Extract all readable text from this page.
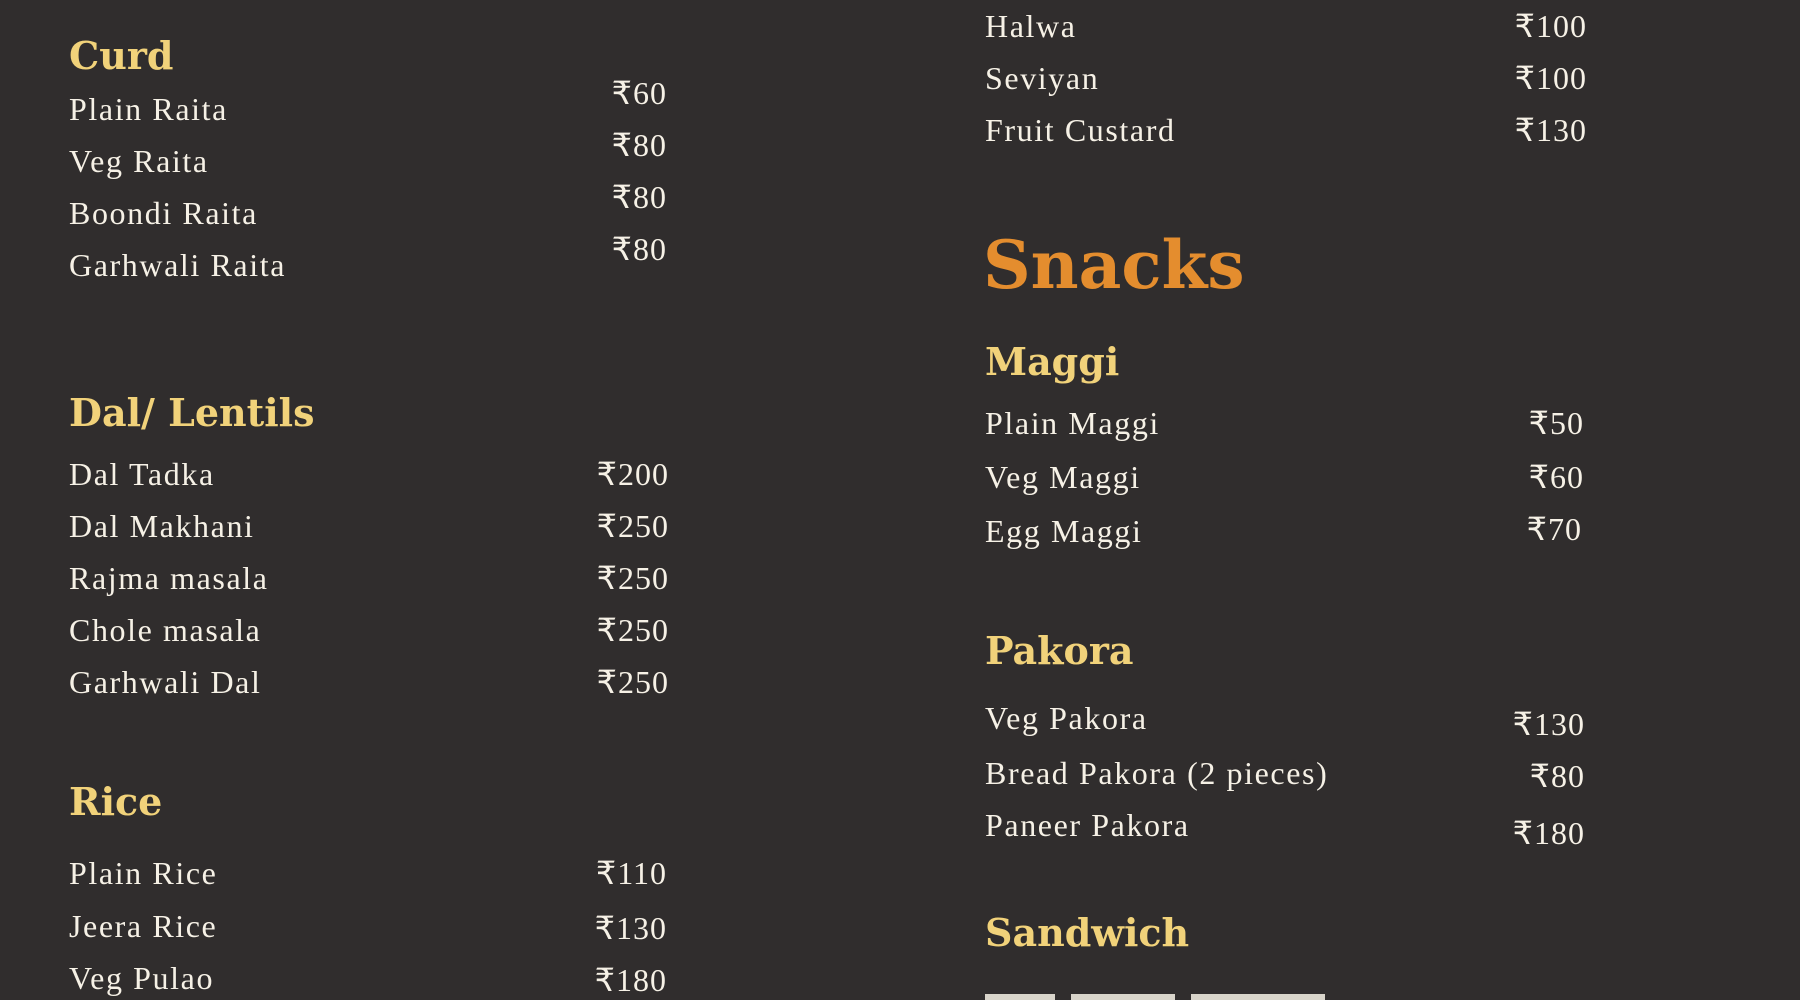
Curd
Plain Raita	₹60
Veg Raita	₹80
Boondi Raita	₹80
Garhwali Raita	₹80
Dal/ Lentils
Dal Tadka	₹200
Dal Makhani	₹250
Rajma masala	₹250
Chole masala	₹250
Garhwali Dal	₹250
Rice
Plain Rice	₹110
Jeera Rice	₹130
Veg Pulao	₹180
Halwa	₹100
Seviyan	₹100
Fruit Custard	₹130
Snacks
Maggi
Plain Maggi	₹50
Veg Maggi	₹60
Egg Maggi	₹70
Pakora
Veg Pakora	₹130
Bread Pakora (2 pieces)	₹80
Paneer Pakora	₹180
Sandwich
